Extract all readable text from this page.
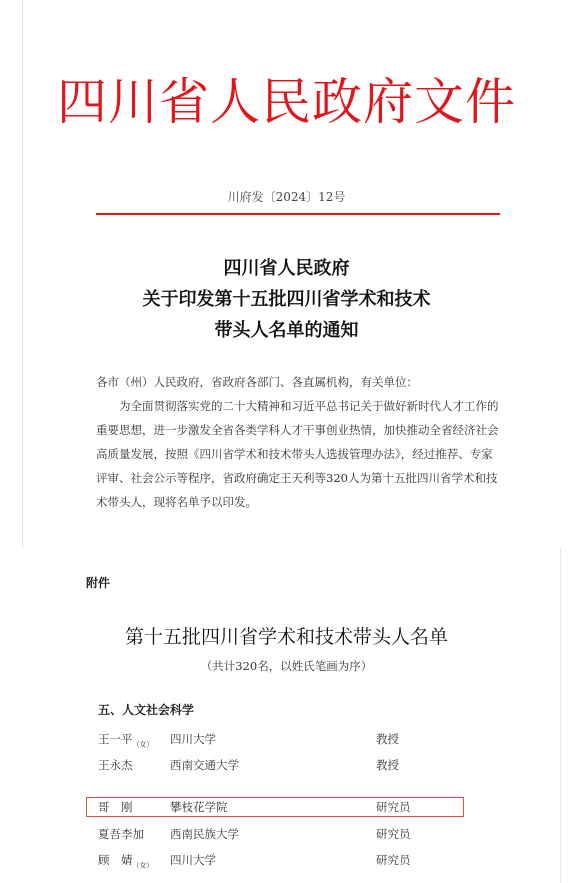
四川省人民政府文件
川府发〔2024〕12号
四川省人民政府
关于印发第十五批四川省学术和技术
带头人名单的通知

各市（州）人民政府，省政府各部门、各直属机构，有关单位：

为全面贯彻落实党的二十大精神和习近平总书记关于做好新时代人才工作的重要思想，进一步激发全省各类学科人才干事创业热情，加快推动全省经济社会高质量发展，按照《四川省学术和技术带头人选拔管理办法》，经过推荐、专家评审、社会公示等程序，省政府确定王天利等320人为第十五批四川省学术和技术带头人，现将名单予以印发。

附件
第十五批四川省学术和技术带头人名单
（共计320名，以姓氏笔画为序）
五、人文社会科学
王一平$_{(女)}$ 四川大学	教授
王永杰	西南交通大学	教授
哥　刚	攀枝花学院	研究员
夏吾李加 西南民族大学	研究员
顾　婧$_{(女)}$ 四川大学	研究员
